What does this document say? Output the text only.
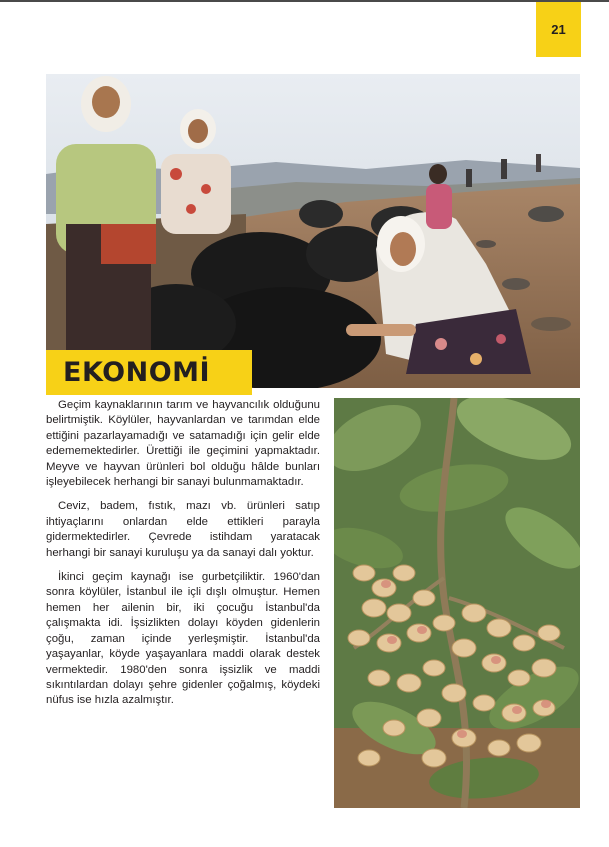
21
EKONOMİ

Geçim kaynaklarının tarım ve hayvancılık olduğunu belirtmiştik. Köylüler, hayvanlardan ve tarımdan elde ettiğini pazarlayamadığı ve satamadığı için gelir elde edememektedirler. Ürettiği ile geçimini yapmaktadır. Meyve ve hayvan ürünleri bol olduğu hâlde bunları işleyebilecek herhangi bir sanayi bulunmamaktadır.

Ceviz, badem, fıstık, mazı vb. ürünleri satıp ihtiyaçlarını onlardan elde ettikleri parayla gidermektedirler. Çevrede istihdam yaratacak herhangi bir sanayi kuruluşu ya da sanayi dalı yoktur.

İkinci geçim kaynağı ise gurbetçiliktir. 1960'dan sonra köylüler, İstanbul ile içli dışlı olmuştur. Hemen hemen her ailenin bir, iki çocuğu İstanbul'da çalışmakta idi. İşsizlikten dolayı köyden gidenlerin çoğu, zaman içinde yerleşmiştir. İstanbul'da yaşayanlar, köyde yaşayanlara maddi olarak destek vermektedir. 1980'den sonra işsizlik ve maddi sıkıntılardan dolayı şehre gidenler çoğalmış, köydeki nüfus ise hızla azalmıştır.
